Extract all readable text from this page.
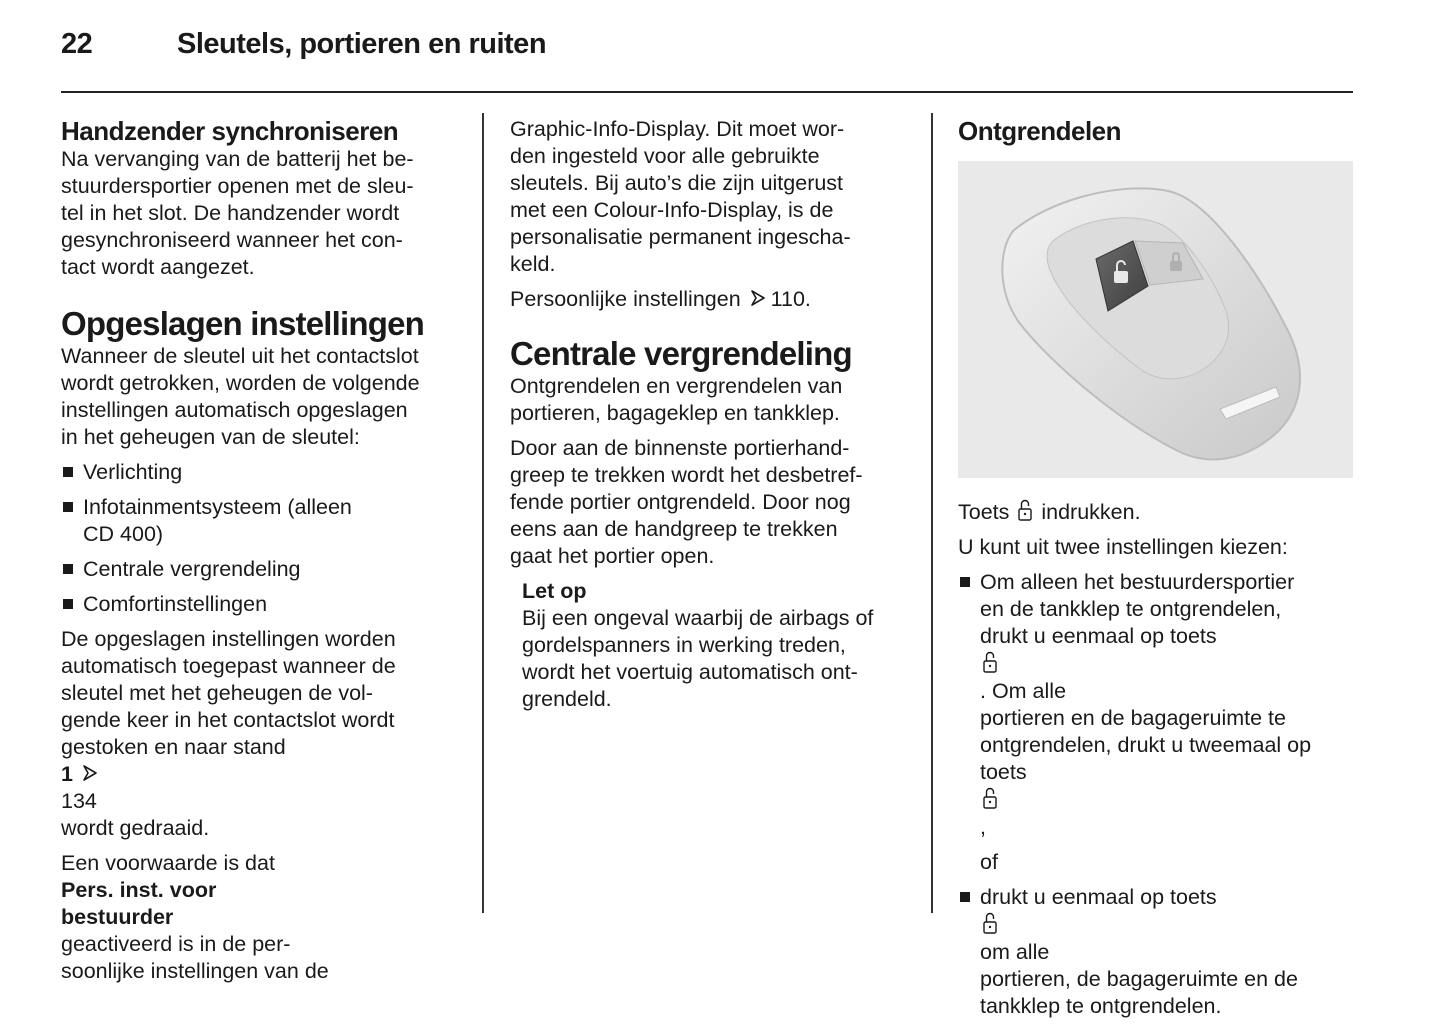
22	Sleutels, portieren en ruiten
Handzender synchroniseren

Na vervanging van de batterij het be-
stuurdersportier openen met de sleu-
tel in het slot. De handzender wordt
gesynchroniseerd wanneer het con-
tact wordt aangezet.

Opgeslagen instellingen

Wanneer de sleutel uit het contactslot
wordt getrokken, worden de volgende
instellingen automatisch opgeslagen
in het geheugen van de sleutel:

Verlichting
Infotainmentsysteem (alleen
CD 400)
Centrale vergrendeling
Comfortinstellingen

De opgeslagen instellingen worden
automatisch toegepast wanneer de
sleutel met het geheugen de vol-
gende keer in het contactslot wordt
gestoken en naar stand
1
134
wordt gedraaid.

Een voorwaarde is dat
Pers. inst. voor
bestuurder
geactiveerd is in de per-
soonlijke instellingen van de

Graphic-Info-Display. Dit moet wor-
den ingesteld voor alle gebruikte
sleutels. Bij auto’s die zijn uitgerust
met een Colour-Info-Display, is de
personalisatie permanent ingescha-
keld.

Persoonlijke instellingen 110.

Centrale vergrendeling

Ontgrendelen en vergrendelen van
portieren, bagageklep en tankklep.

Door aan de binnenste portierhand-
greep te trekken wordt het desbetref-
fende portier ontgrendeld. Door nog
eens aan de handgreep te trekken
gaat het portier open.

Let op

Bij een ongeval waarbij de airbags of
gordelspanners in werking treden,
wordt het voertuig automatisch ont-
grendeld.

Ontgrendelen

Toets  indrukken.

U kunt uit twee instellingen kiezen:

Om alleen het bestuurdersportier
en de tankklep te ontgrendelen,
drukt u eenmaal op toets
. Om alle
portieren en de bagageruimte te
ontgrendelen, drukt u tweemaal op
toets
,

of

drukt u eenmaal op toets
om alle
portieren, de bagageruimte en de
tankklep te ontgrendelen.
